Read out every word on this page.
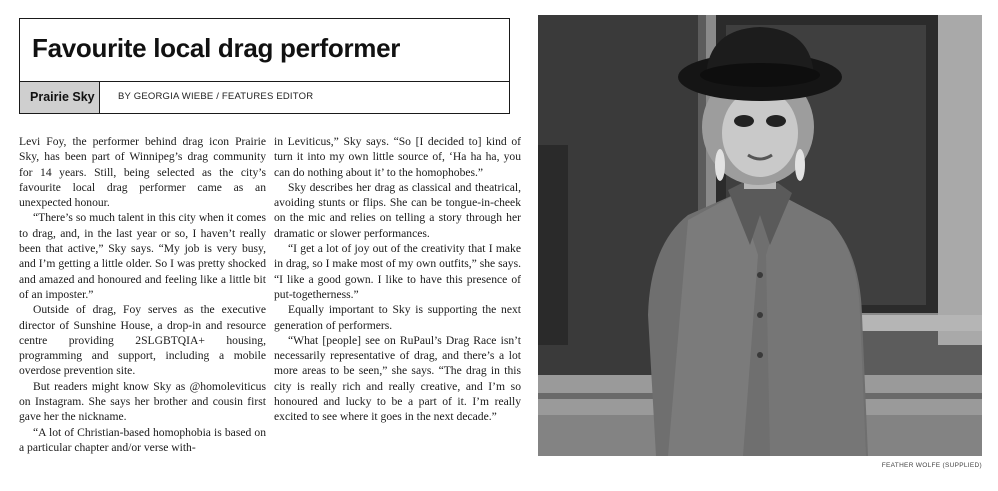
Favourite local drag performer
Prairie Sky	BY GEORGIA WIEBE / FEATURES EDITOR

Levi Foy, the performer behind drag icon Prairie Sky, has been part of Winnipeg’s drag community for 14 years. Still, being selected as the city’s favourite local drag performer came as an unexpected honour.

“There’s so much talent in this city when it comes to drag, and, in the last year or so, I haven’t really been that active,” Sky says. “My job is very busy, and I’m getting a little older. So I was pretty shocked and amazed and honoured and feeling like a little bit of an imposter.”

Outside of drag, Foy serves as the executive director of Sunshine House, a drop-in and resource centre providing 2SLGBTQIA+ housing, programming and support, including a mobile overdose prevention site.

But readers might know Sky as @homoleviticus on Instagram. She says her brother and cousin first gave her the nickname.

“A lot of Christian-based homophobia is based on a particular chapter and/or verse with-

in Leviticus,” Sky says. “So [I decided to] kind of turn it into my own little source of, ‘Ha ha ha, you can do nothing about it’ to the homophobes.”

Sky describes her drag as classical and theatrical, avoiding stunts or flips. She can be tongue-in-cheek on the mic and relies on telling a story through her dramatic or slower performances.

“I get a lot of joy out of the creativity that I make in drag, so I make most of my own outfits,” she says. “I like a good gown. I like to have this presence of put-togetherness.”

Equally important to Sky is supporting the next generation of performers.

“What [people] see on RuPaul’s Drag Race isn’t necessarily representative of drag, and there’s a lot more areas to be seen,” she says. “The drag in this city is really rich and really creative, and I’m so honoured and lucky to be a part of it. I’m really excited to see where it goes in the next decade.”

FEATHER WOLFE (SUPPLIED)
